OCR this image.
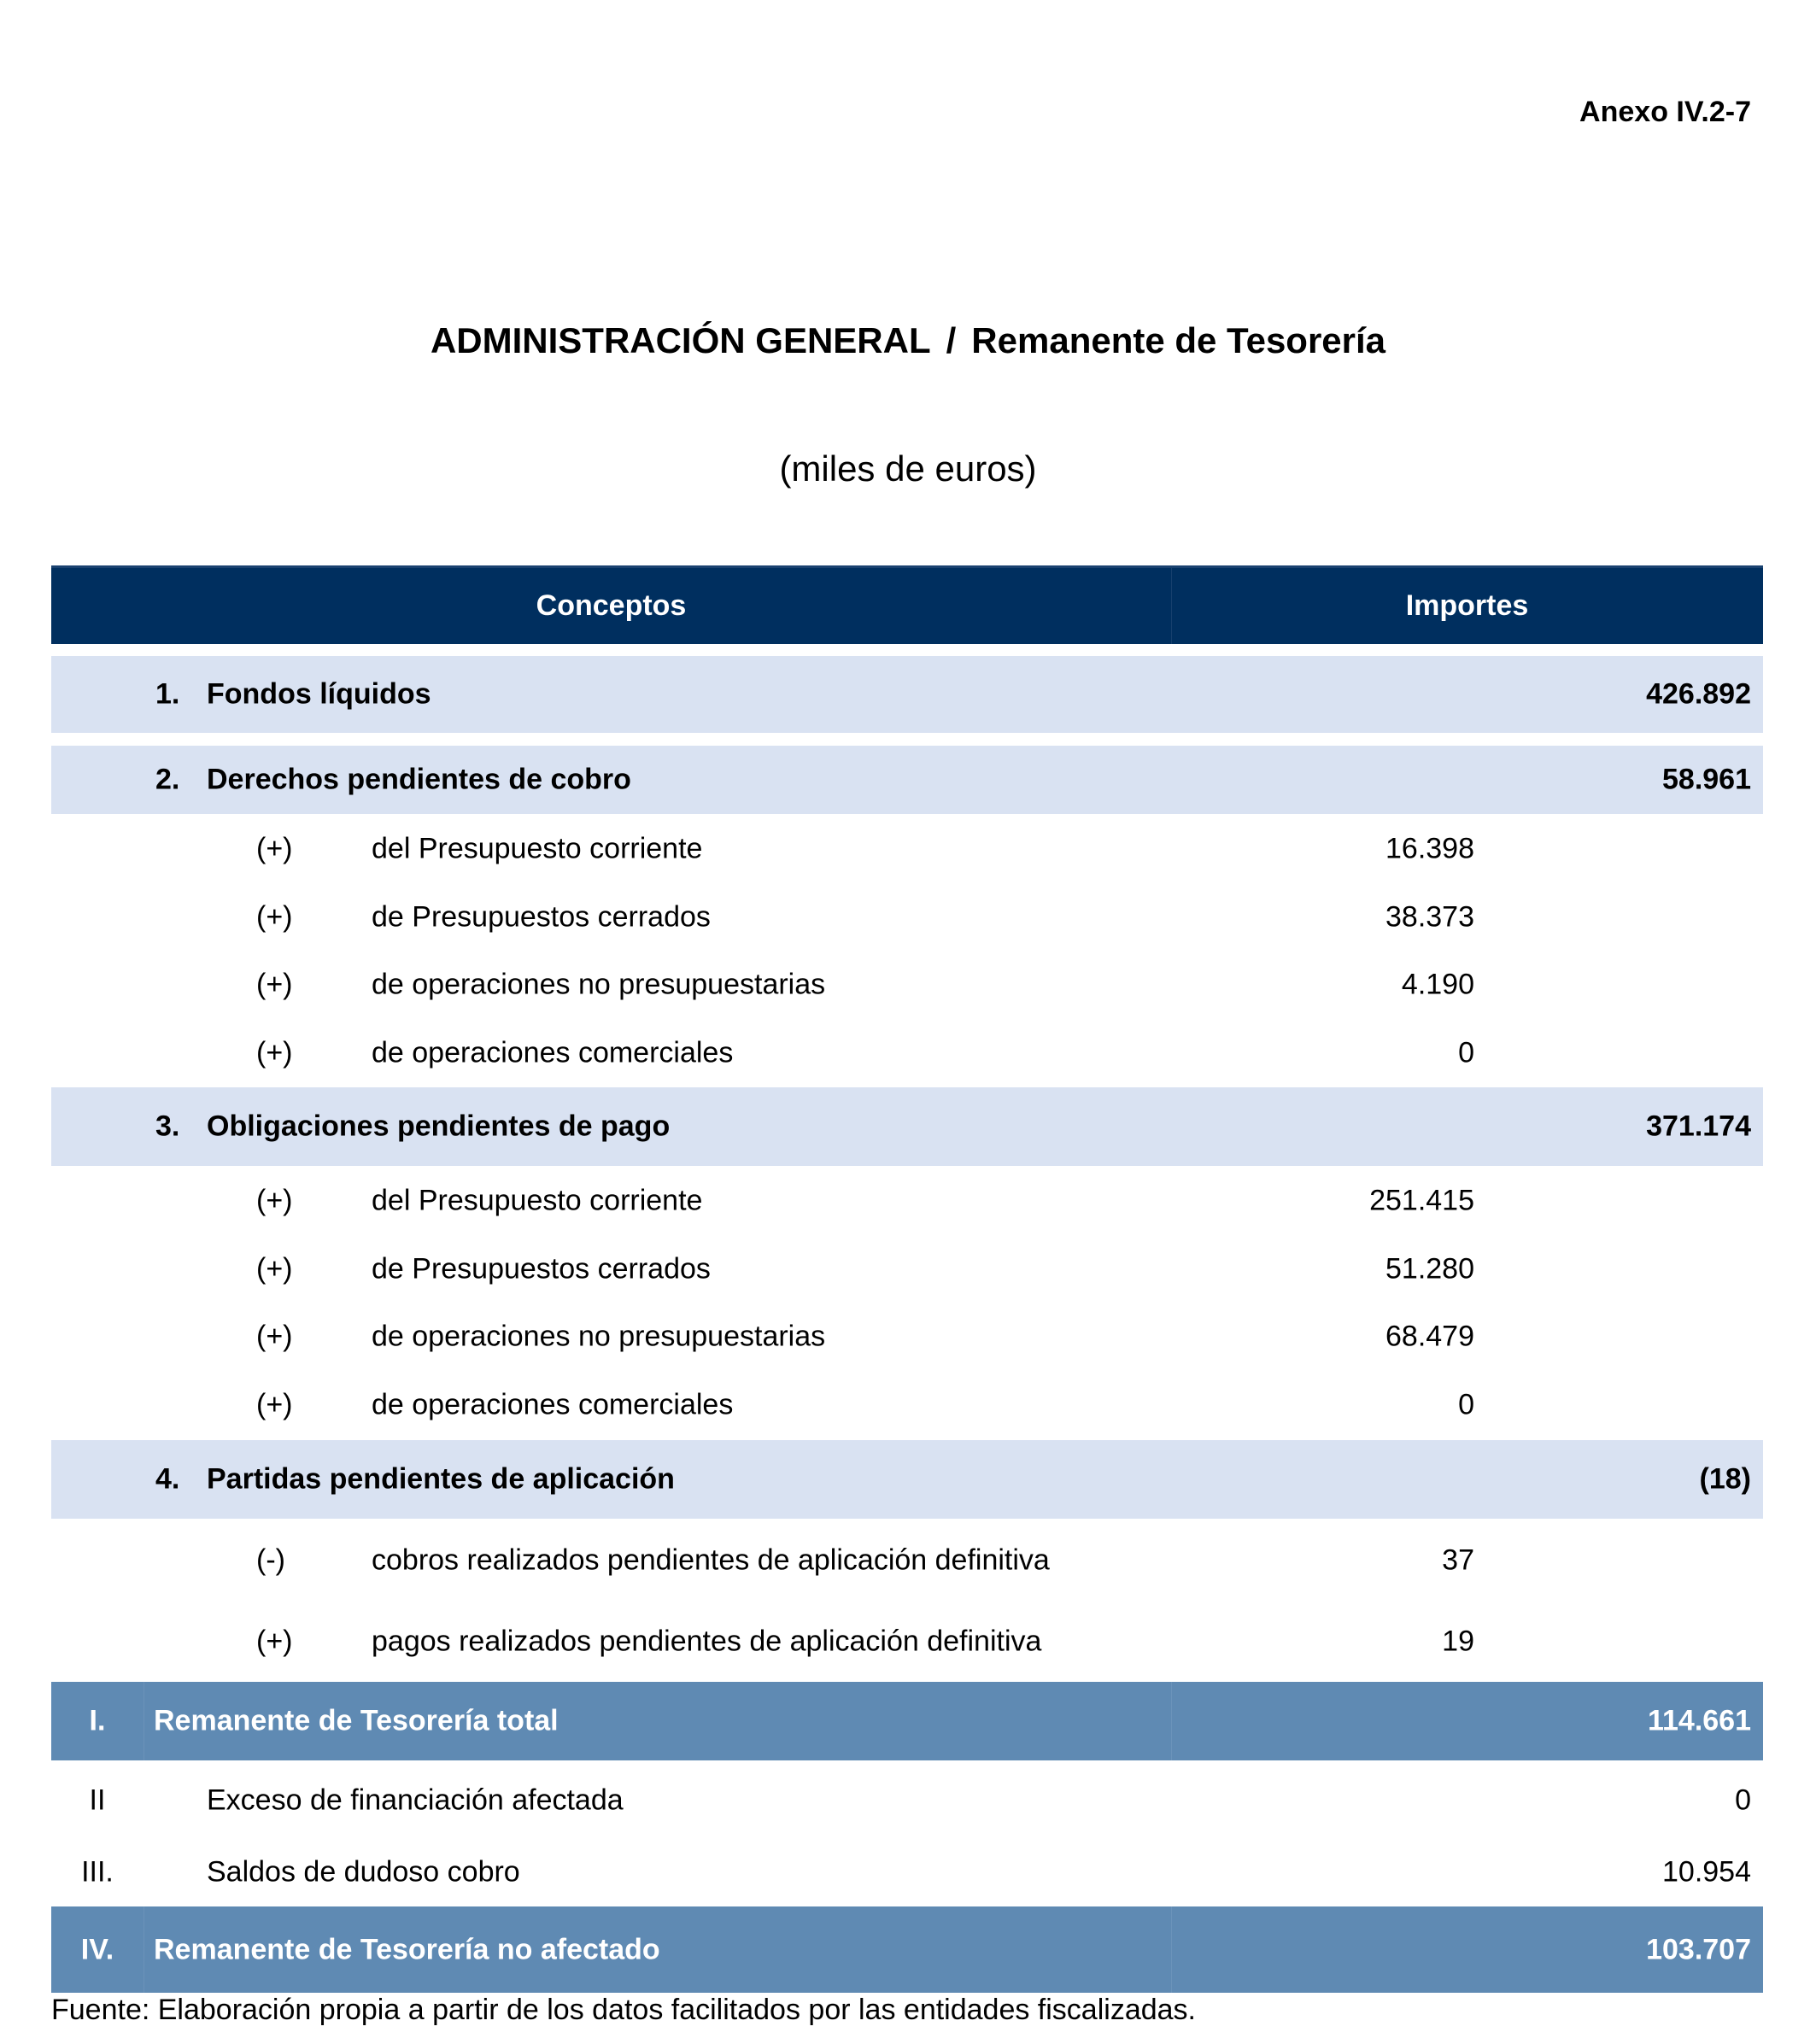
Anexo IV.2-7
ADMINISTRACIÓN GENERAL / Remanente de Tesorería
(miles de euros)
Conceptos	Importes
1. Fondos líquidos	426.892
2. Derechos pendientes de cobro	58.961
(+)	del Presupuesto corriente	16.398
(+)	de Presupuestos cerrados	38.373
(+)	de operaciones no presupuestarias	4.190
(+)	de operaciones comerciales	0
3. Obligaciones pendientes de pago	371.174
(+)	del Presupuesto corriente	251.415
(+)	de Presupuestos cerrados	51.280
(+)	de operaciones no presupuestarias	68.479
(+)	de operaciones comerciales	0
4. Partidas pendientes de aplicación	(18)
(-)	cobros realizados pendientes de aplicación definitiva	37
(+)	pagos realizados pendientes de aplicación definitiva	19
I.	Remanente de Tesorería total	114.661
II	Exceso de financiación afectada	0
III.	Saldos de dudoso cobro	10.954
IV.	Remanente de Tesorería no afectado	103.707
Fuente: Elaboración propia a partir de los datos facilitados por las entidades fiscalizadas.
